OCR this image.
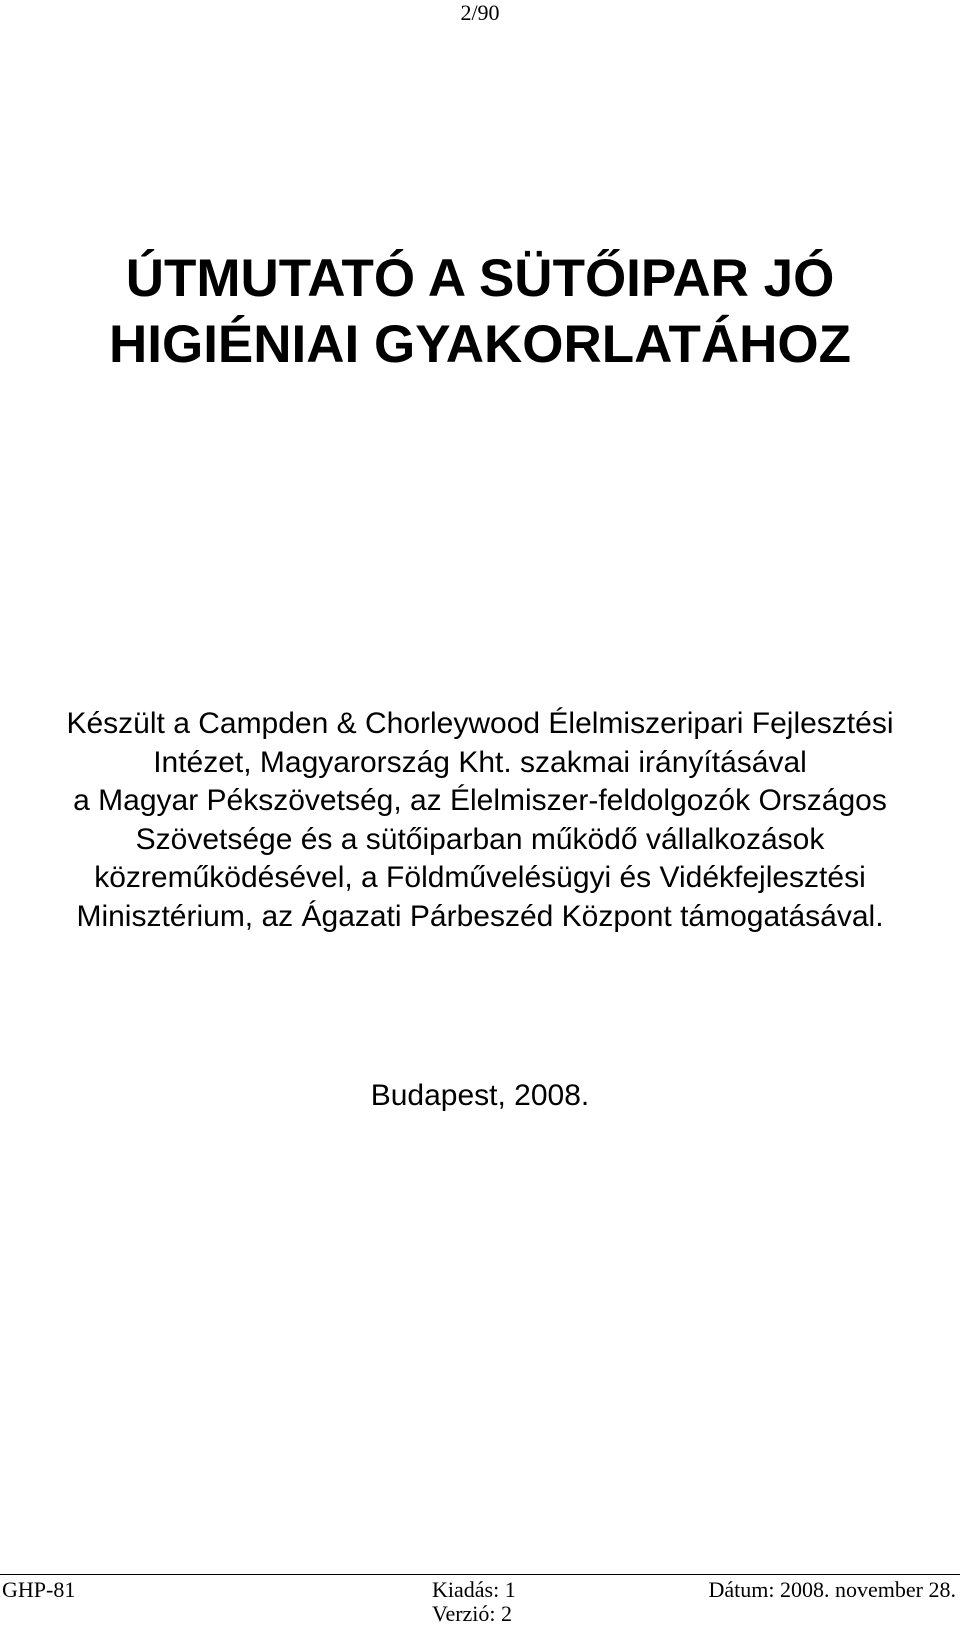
2/90
ÚTMUTATÓ A SÜTŐIPAR JÓ
HIGIÉNIAI GYAKORLATÁHOZ
Készült a Campden & Chorleywood Élelmiszeripari Fejlesztési
Intézet, Magyarország Kht. szakmai irányításával
a Magyar Pékszövetség, az Élelmiszer-feldolgozók Országos
Szövetsége és a sütőiparban működő vállalkozások
közreműködésével, a Földművelésügyi és Vidékfejlesztési
Minisztérium, az Ágazati Párbeszéd Központ támogatásával.
Budapest, 2008.
GHP-81	Kiadás: 1
Verzió: 2
Dátum: 2008. november 28.
